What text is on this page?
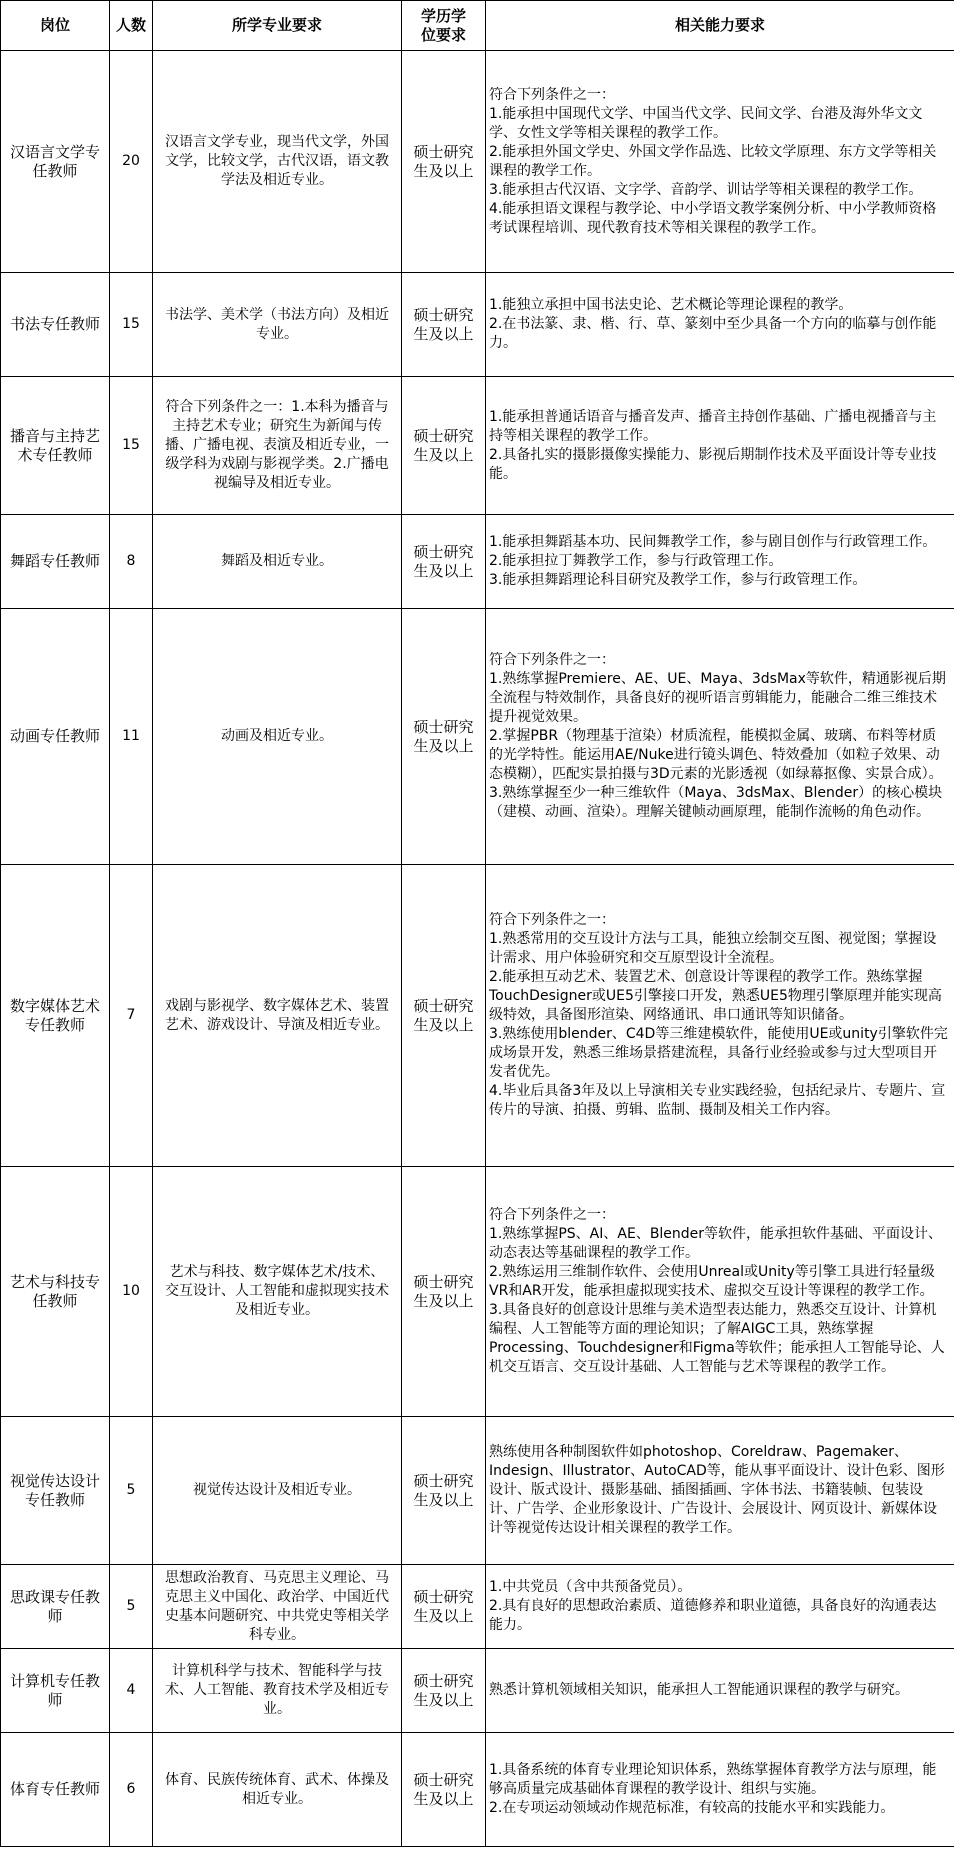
岗位	人数	所学专业要求	学历学位要求	相关能力要求
汉语言文学专任教师	20	汉语言文学专业，现当代文学，外国文学，比较文学，古代汉语，语文教学法及相近专业。	硕士研究生及以上	符合下列条件之一：
1.能承担中国现代文学、中国当代文学、民间文学、台港及海外华文文学、女性文学等相关课程的教学工作。
2.能承担外国文学史、外国文学作品选、比较文学原理、东方文学等相关课程的教学工作。
3.能承担古代汉语、文字学、音韵学、训诂学等相关课程的教学工作。
4.能承担语文课程与教学论、中小学语文教学案例分析、中小学教师资格考试课程培训、现代教育技术等相关课程的教学工作。

书法专任教师	15	书法学、美术学（书法方向）及相近专业。	硕士研究生及以上	1.能独立承担中国书法史论、艺术概论等理论课程的教学。
2.在书法篆、隶、楷、行、草、篆刻中至少具备一个方向的临摹与创作能力。

播音与主持艺术专任教师	15	符合下列条件之一：1.本科为播音与主持艺术专业；研究生为新闻与传播、广播电视、表演及相近专业，一级学科为戏剧与影视学类。2.广播电视编导及相近专业。	硕士研究生及以上	1.能承担普通话语音与播音发声、播音主持创作基础、广播电视播音与主持等相关课程的教学工作。
2.具备扎实的摄影摄像实操能力、影视后期制作技术及平面设计等专业技能。

舞蹈专任教师	8	舞蹈及相近专业。	硕士研究生及以上	1.能承担舞蹈基本功、民间舞教学工作，参与剧目创作与行政管理工作。
2.能承担拉丁舞教学工作，参与行政管理工作。
3.能承担舞蹈理论科目研究及教学工作，参与行政管理工作。

动画专任教师	11	动画及相近专业。	硕士研究生及以上	符合下列条件之一：
1.熟练掌握Premiere、AE、UE、Maya、3dsMax等软件，精通影视后期全流程与特效制作，具备良好的视听语言剪辑能力，能融合二维三维技术提升视觉效果。
2.掌握PBR（物理基于渲染）材质流程，能模拟金属、玻璃、布料等材质的光学特性。能运用AE/Nuke进行镜头调色、特效叠加（如粒子效果、动态模糊），匹配实景拍摄与3D元素的光影透视（如绿幕抠像、实景合成）。
3.熟练掌握至少一种三维软件（Maya、3dsMax、Blender）的核心模块（建模、动画、渲染）。理解关键帧动画原理，能制作流畅的角色动作。

数字媒体艺术专任教师	7	戏剧与影视学、数字媒体艺术、装置艺术、游戏设计、导演及相近专业。	硕士研究生及以上	符合下列条件之一：
1.熟悉常用的交互设计方法与工具，能独立绘制交互图、视觉图；掌握设计需求、用户体验研究和交互原型设计全流程。
2.能承担互动艺术、装置艺术、创意设计等课程的教学工作。熟练掌握TouchDesigner或UE5引擎接口开发，熟悉UE5物理引擎原理并能实现高级特效，具备图形渲染、网络通讯、串口通讯等知识储备。
3.熟练使用blender、C4D等三维建模软件，能使用UE或unity引擎软件完成场景开发，熟悉三维场景搭建流程，具备行业经验或参与过大型项目开发者优先。
4.毕业后具备3年及以上导演相关专业实践经验，包括纪录片、专题片、宣传片的导演、拍摄、剪辑、监制、摄制及相关工作内容。

艺术与科技专任教师	10	艺术与科技、数字媒体艺术/技术、交互设计、人工智能和虚拟现实技术及相近专业。	硕士研究生及以上	符合下列条件之一：
1.熟练掌握PS、AI、AE、Blender等软件，能承担软件基础、平面设计、动态表达等基础课程的教学工作。
2.熟练运用三维制作软件、会使用Unreal或Unity等引擎工具进行轻量级VR和AR开发，能承担虚拟现实技术、虚拟交互设计等课程的教学工作。
3.具备良好的创意设计思维与美术造型表达能力，熟悉交互设计、计算机编程、人工智能等方面的理论知识；了解AIGC工具，熟练掌握Processing、Touchdesigner和Figma等软件；能承担人工智能导论、人机交互语言、交互设计基础、人工智能与艺术等课程的教学工作。

视觉传达设计专任教师	5	视觉传达设计及相近专业。	硕士研究生及以上	熟练使用各种制图软件如photoshop、Coreldraw、Pagemaker、Indesign、Illustrator、AutoCAD等，能从事平面设计、设计色彩、图形设计、版式设计、摄影基础、插图插画、字体书法、书籍装帧、包装设计、广告学、企业形象设计、广告设计、会展设计、网页设计、新媒体设计等视觉传达设计相关课程的教学工作。

思政课专任教师	5	思想政治教育、马克思主义理论、马克思主义中国化、政治学、中国近代史基本问题研究、中共党史等相关学科专业。	硕士研究生及以上	1.中共党员（含中共预备党员）。
2.具有良好的思想政治素质、道德修养和职业道德，具备良好的沟通表达能力。

计算机专任教师	4	计算机科学与技术、智能科学与技术、人工智能、教育技术学及相近专业。	硕士研究生及以上	熟悉计算机领域相关知识，能承担人工智能通识课程的教学与研究。

体育专任教师	6	体育、民族传统体育、武术、体操及相近专业。	硕士研究生及以上	1.具备系统的体育专业理论知识体系，熟练掌握体育教学方法与原理，能够高质量完成基础体育课程的教学设计、组织与实施。
2.在专项运动领域动作规范标准，有较高的技能水平和实践能力。
